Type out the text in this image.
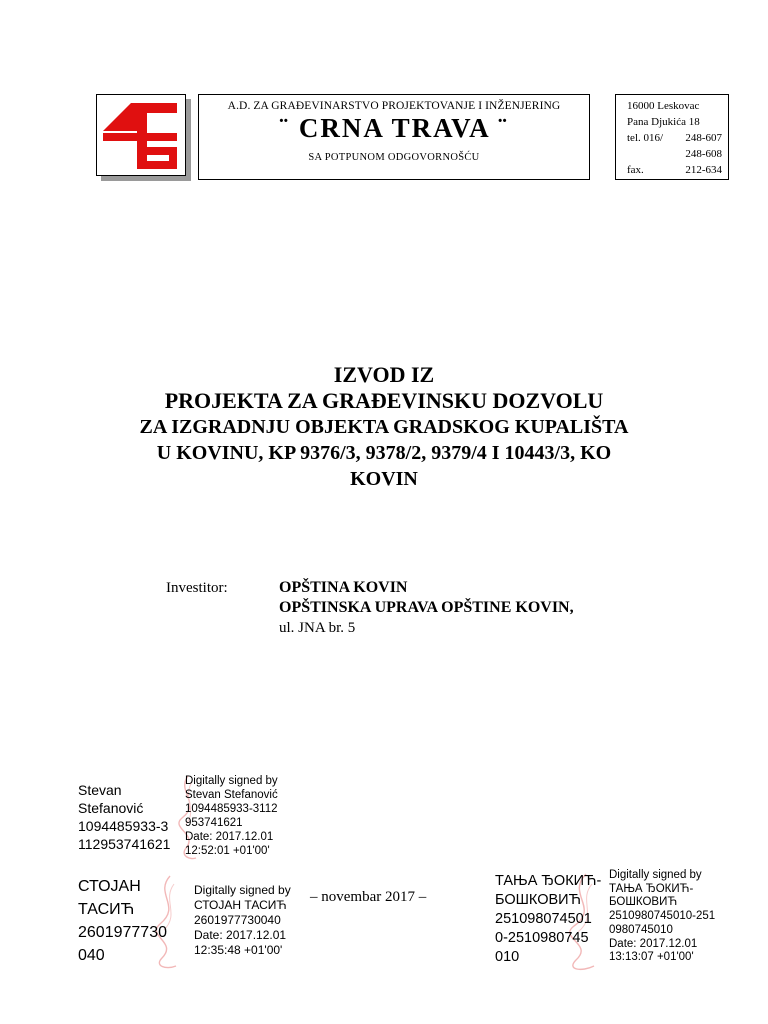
A.D. ZA GRAĐEVINARSTVO PROJEKTOVANJE I INŽENJERING
¨ CRNA TRAVA ¨
SA POTPUNOM ODGOVORNOŠĆU
16000 Leskovac
Pana Djukića 18
tel. 016/ 248-607
248-608
fax.	212-634
IZVOD IZ
PROJEKTA ZA GRAĐEVINSKU DOZVOLU
ZA IZGRADNJU OBJEKTA GRADSKOG KUPALIŠTA
U KOVINU, KP 9376/3, 9378/2, 9379/4 I 10443/3, KO
KOVIN
Investitor:	OPŠTINA KOVIN
OPŠTINSKA UPRAVA OPŠTINE KOVIN,
ul. JNA br. 5
Stevan
Stefanović
1094485933-3
112953741621
Digitally signed by
Stevan Stefanović
1094485933-3112
953741621
Date: 2017.12.01
12:52:01 +01'00'
СТОЈАН
ТАСИЋ
2601977730
040
Digitally signed by
СТОЈАН ТАСИЋ
2601977730040
Date: 2017.12.01
12:35:48 +01'00'
– novembar 2017 –
ТАЊА ЂОКИЋ-
БОШКОВИЋ
251098074501
0-2510980745
010
Digitally signed by
ТАЊА ЂОКИЋ-
БОШКОВИЋ
2510980745010-251
0980745010
Date: 2017.12.01
13:13:07 +01'00'
